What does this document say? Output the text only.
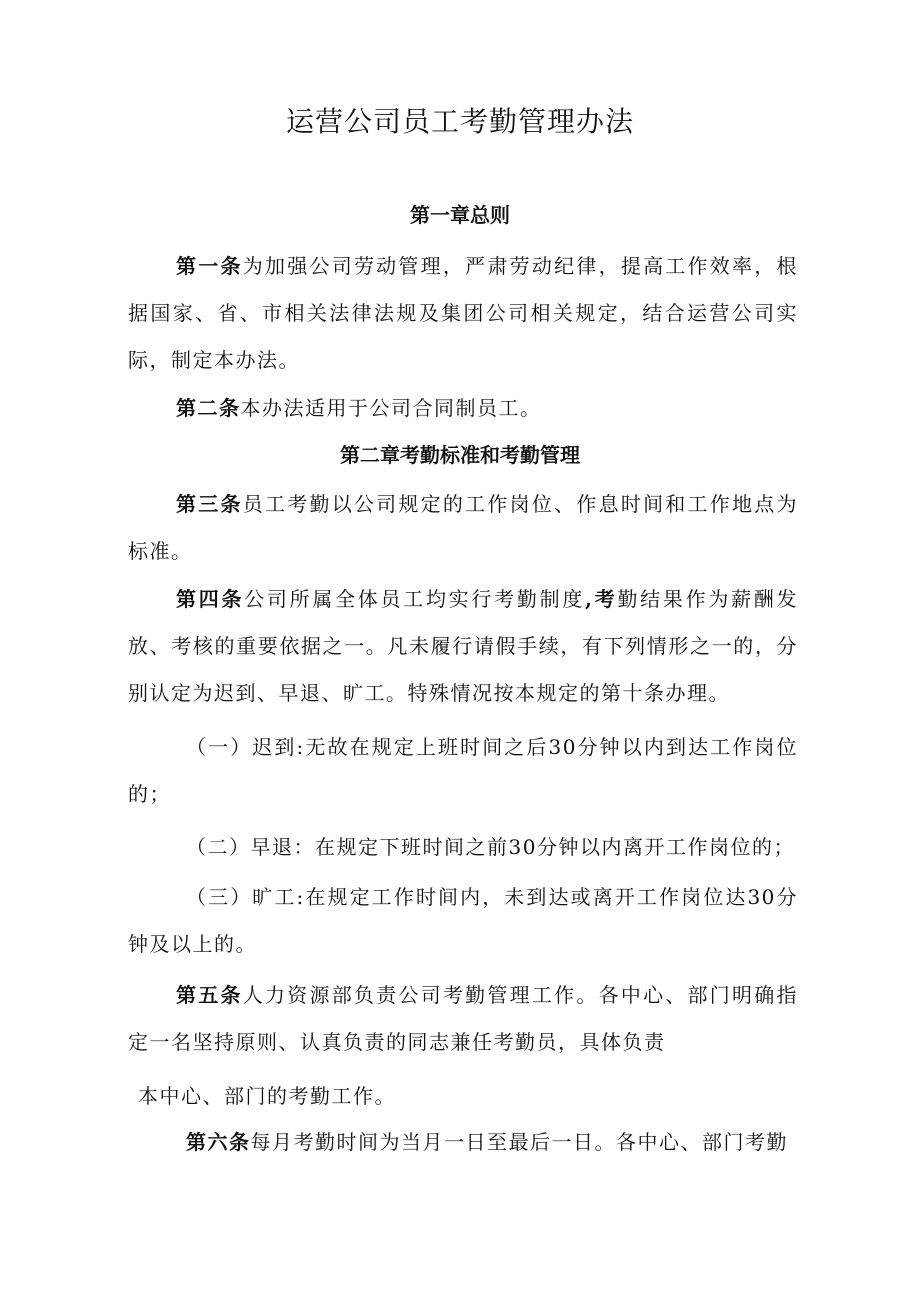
运营公司员工考勤管理办法
第一章总则
第一条为加强公司劳动管理，严肃劳动纪律，提高工作效率，根据国家、省、市相关法律法规及集团公司相关规定，结合运营公司实际，制定本办法。
第二条本办法适用于公司合同制员工。
第二章考勤标准和考勤管理
第三条员工考勤以公司规定的工作岗位、作息时间和工作地点为标准。
第四条公司所属全体员工均实行考勤制度,考勤结果作为薪酬发放、考核的重要依据之一。凡未履行请假手续，有下列情形之一的，分别认定为迟到、早退、旷工。特殊情况按本规定的第十条办理。
（一）迟到:无故在规定上班时间之后30分钟以内到达工作岗位的；
（二）早退：在规定下班时间之前30分钟以内离开工作岗位的；
（三）旷工:在规定工作时间内，未到达或离开工作岗位达30分钟及以上的。
第五条人力资源部负责公司考勤管理工作。各中心、部门明确指定一名坚持原则、认真负责的同志兼任考勤员，具体负责
本中心、部门的考勤工作。
第六条每月考勤时间为当月一日至最后一日。各中心、部门考勤
